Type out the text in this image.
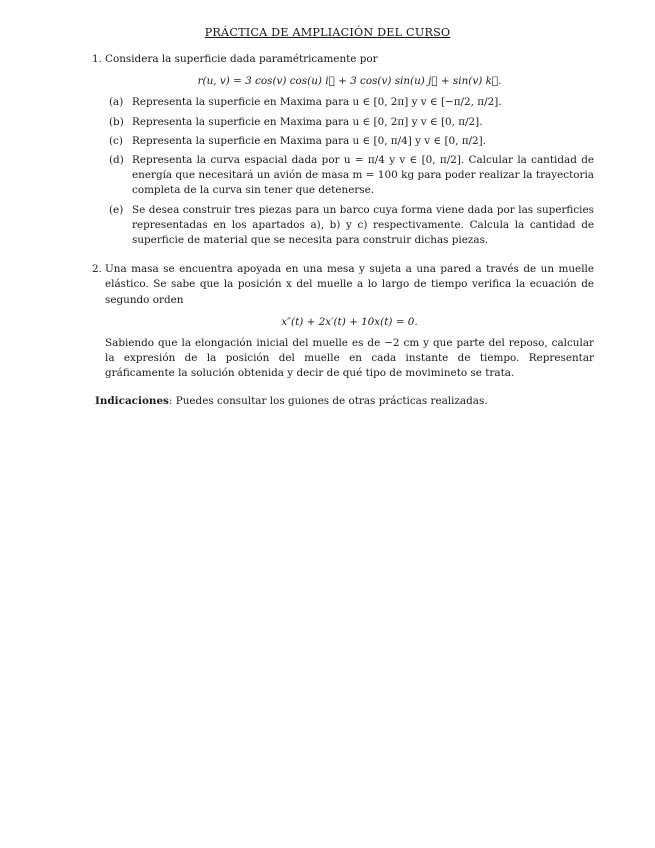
PRÁCTICA DE AMPLIACIÓN DEL CURSO
1. Considera la superficie dada paramétricamente por
r(u, v) = 3 cos(v) cos(u) i⃗ + 3 cos(v) sin(u) j⃗ + sin(v) k⃗.
(a) Representa la superficie en Maxima para u ∈ [0, 2π] y v ∈ [−π/2, π/2].
(b) Representa la superficie en Maxima para u ∈ [0, 2π] y v ∈ [0, π/2].
(c) Representa la superficie en Maxima para u ∈ [0, π/4] y v ∈ [0, π/2].
(d) Representa la curva espacial dada por u = π/4 y v ∈ [0, π/2]. Calcular la cantidad de energía que necesitará un avión de masa m = 100 kg para poder realizar la trayectoria completa de la curva sin tener que detenerse.
(e) Se desea construir tres piezas para un barco cuya forma viene dada por las superficies representadas en los apartados a), b) y c) respectivamente. Calcula la cantidad de superficie de material que se necesita para construir dichas piezas.
2. Una masa se encuentra apoyada en una mesa y sujeta a una pared a través de un muelle elástico. Se sabe que la posición x del muelle a lo largo de tiempo verifica la ecuación de segundo orden
x″(t) + 2x′(t) + 10x(t) = 0.
Sabiendo que la elongación inicial del muelle es de −2 cm y que parte del reposo, calcular la expresión de la posición del muelle en cada instante de tiempo. Representar gráficamente la solución obtenida y decir de qué tipo de movimineto se trata.
Indicaciones: Puedes consultar los guiones de otras prácticas realizadas.
